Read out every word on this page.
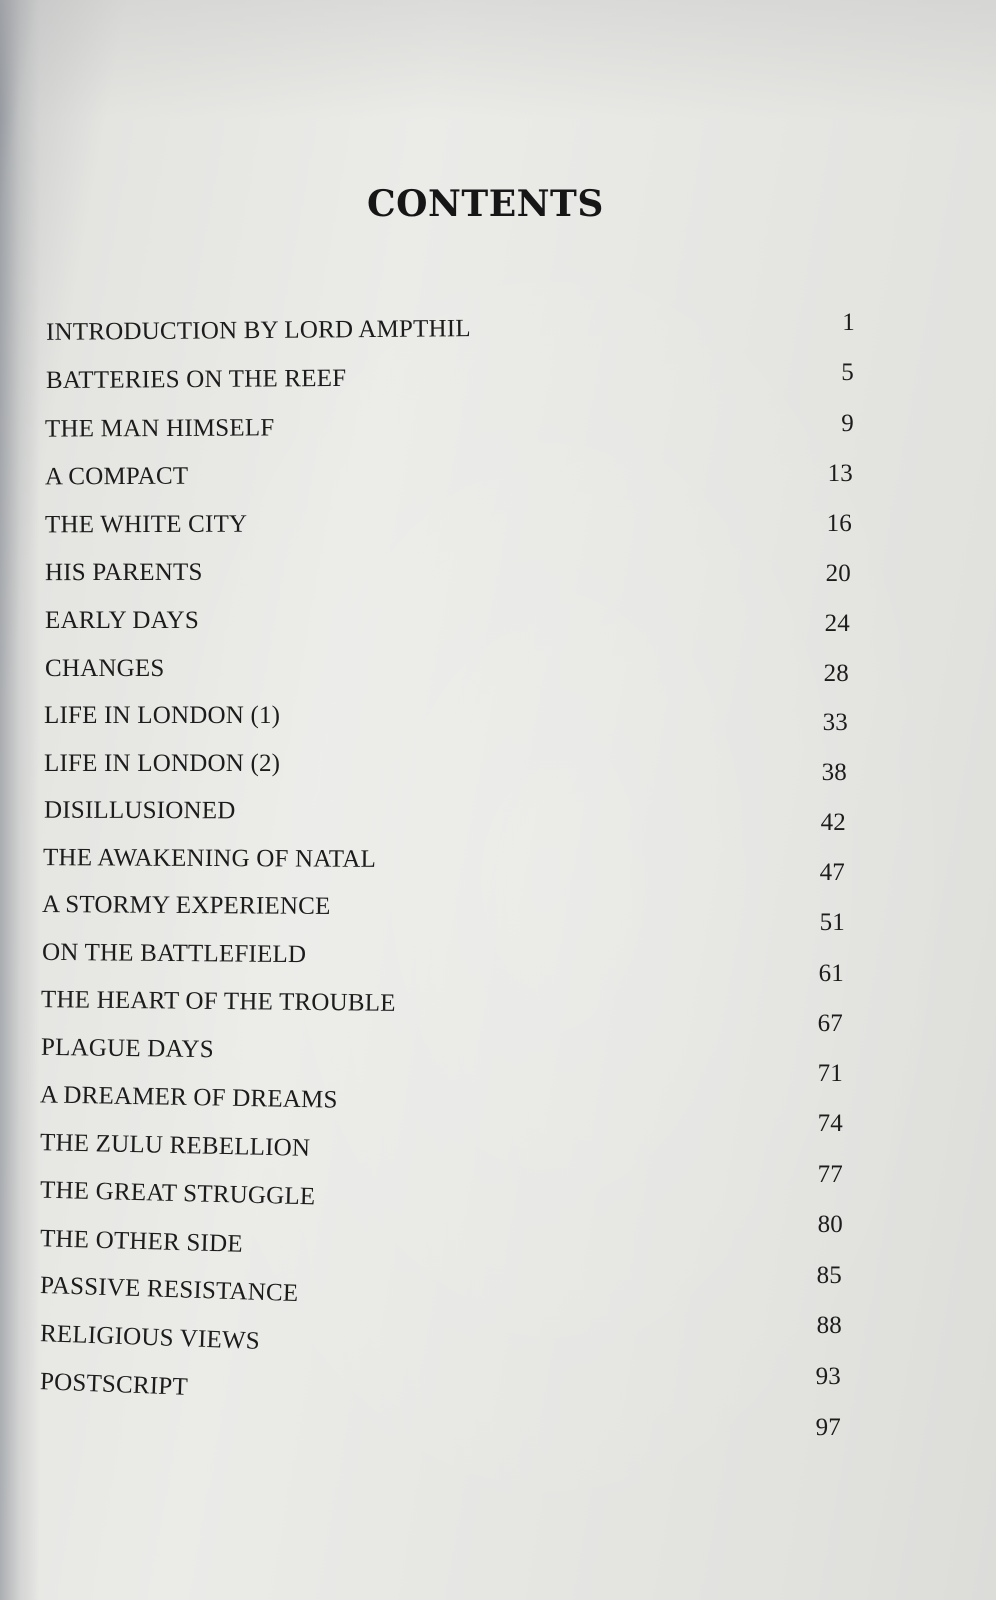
CONTENTS
INTRODUCTION BY LORD AMPTHIL
BATTERIES ON THE REEF
THE MAN HIMSELF
A COMPACT
THE WHITE CITY
HIS PARENTS
EARLY DAYS
CHANGES
LIFE IN LONDON (1)
LIFE IN LONDON (2)
DISILLUSIONED
THE AWAKENING OF NATAL
A STORMY EXPERIENCE
ON THE BATTLEFIELD
THE HEART OF THE TROUBLE
PLAGUE DAYS
A DREAMER OF DREAMS
THE ZULU REBELLION
THE GREAT STRUGGLE
THE OTHER SIDE
PASSIVE RESISTANCE
RELIGIOUS VIEWS
POSTSCRIPT
1
5
9
13
16
20
24
28
33
38
42
47
51
61
67
71
74
77
80
85
88
93
97
